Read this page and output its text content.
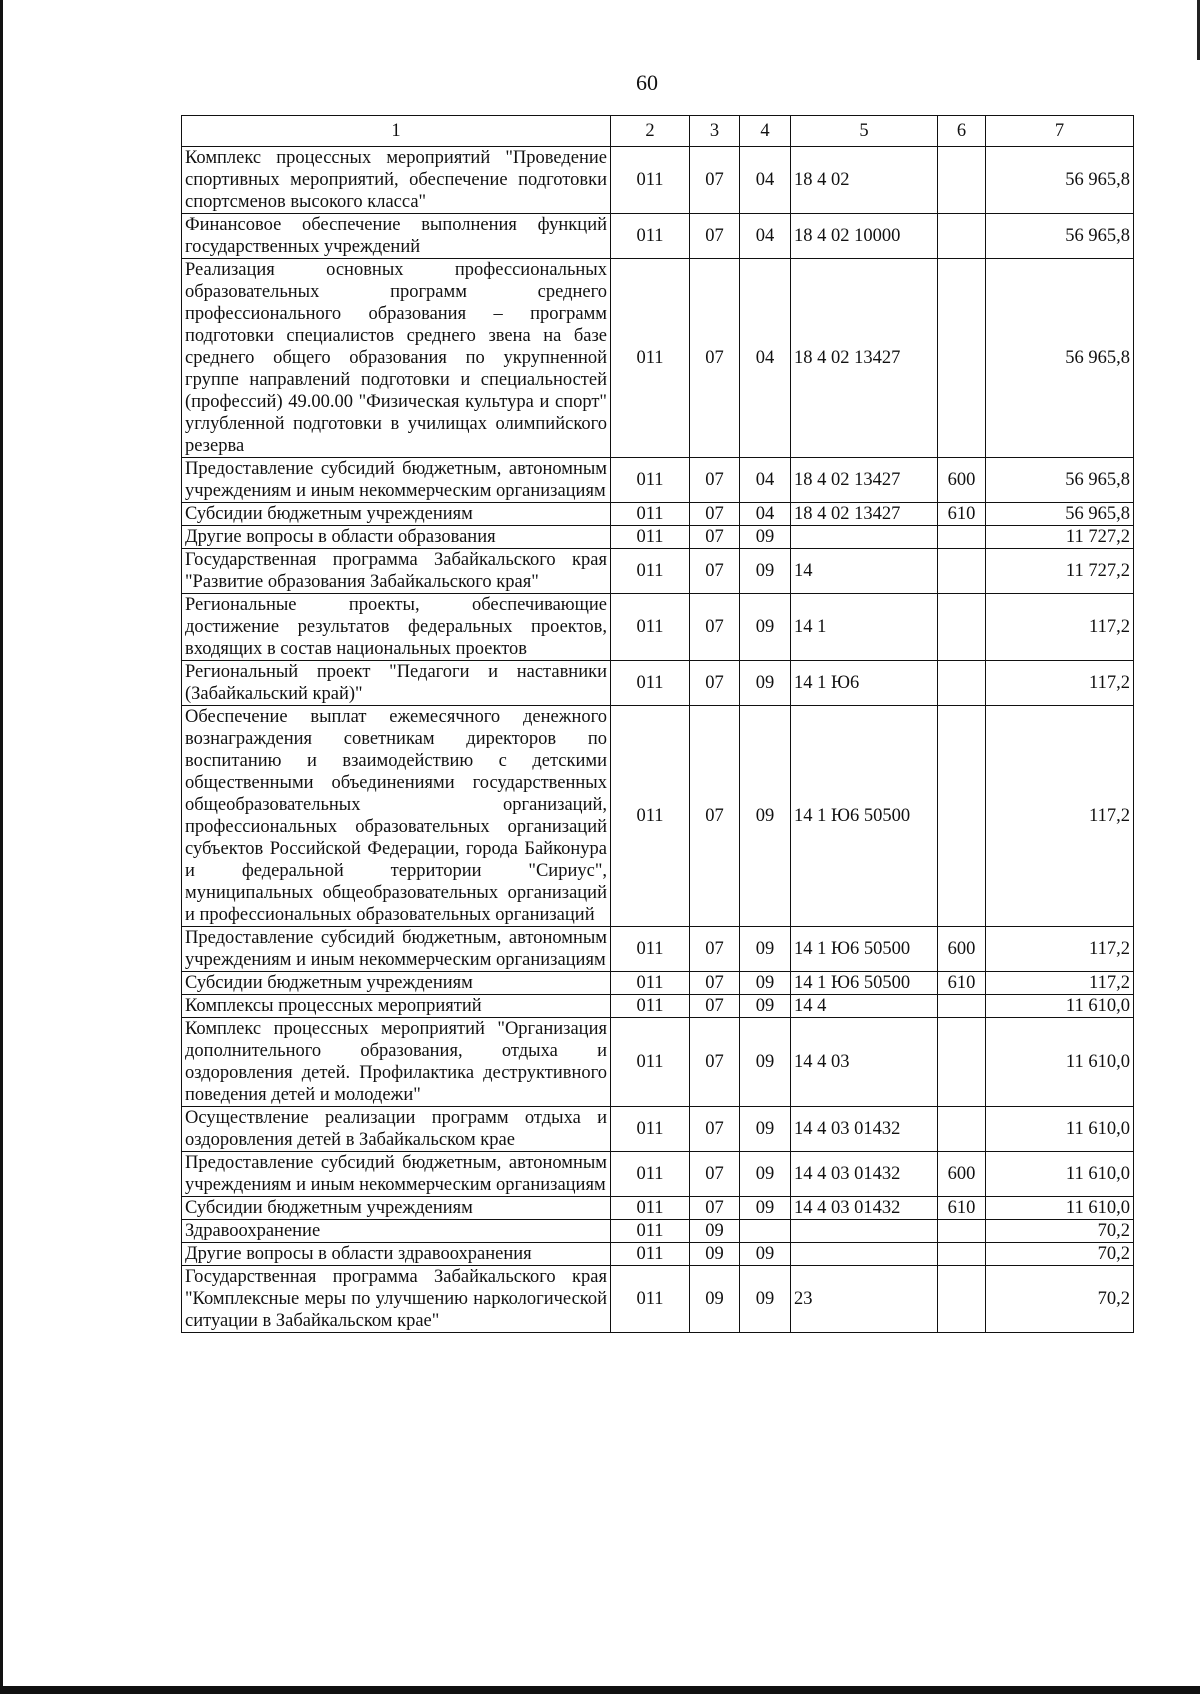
60
1	2	3	4	5	6	7
Комплекс процессных мероприятий "Проведение спортивных мероприятий, обеспечение подготовки спортсменов высокого класса"	011	07	04	18 4 02		56 965,8
Финансовое обеспечение выполнения функций государственных учреждений	011	07	04	18 4 02 10000		56 965,8
Реализация основных профессиональных образовательных программ среднего профессионального образования – программ подготовки специалистов среднего звена на базе среднего общего образования по укрупненной группе направлений подготовки и специальностей (профессий) 49.00.00 "Физическая культура и спорт" углубленной подготовки в училищах олимпийского резерва	011	07	04	18 4 02 13427		56 965,8
Предоставление субсидий бюджетным, автономным учреждениям и иным некоммерческим организациям	011	07	04	18 4 02 13427	600	56 965,8
Субсидии бюджетным учреждениям	011	07	04	18 4 02 13427	610	56 965,8
Другие вопросы в области образования	011	07	09			11 727,2
Государственная программа Забайкальского края "Развитие образования Забайкальского края"	011	07	09	14		11 727,2
Региональные проекты, обеспечивающие достижение результатов федеральных проектов, входящих в состав национальных проектов	011	07	09	14 1		117,2
Региональный проект "Педагоги и наставники (Забайкальский край)"	011	07	09	14 1 Ю6		117,2
Обеспечение выплат ежемесячного денежного вознаграждения советникам директоров по воспитанию и взаимодействию с детскими общественными объединениями государственных общеобразовательных организаций, профессиональных образовательных организаций субъектов Российской Федерации, города Байконура и федеральной территории "Сириус", муниципальных общеобразовательных организаций и профессиональных образовательных организаций	011	07	09	14 1 Ю6 50500		117,2
Предоставление субсидий бюджетным, автономным учреждениям и иным некоммерческим организациям	011	07	09	14 1 Ю6 50500	600	117,2
Субсидии бюджетным учреждениям	011	07	09	14 1 Ю6 50500	610	117,2
Комплексы процессных мероприятий	011	07	09	14 4		11 610,0
Комплекс процессных мероприятий "Организация дополнительного образования, отдыха и оздоровления детей. Профилактика деструктивного поведения детей и молодежи"	011	07	09	14 4 03		11 610,0
Осуществление реализации программ отдыха и оздоровления детей в Забайкальском крае	011	07	09	14 4 03 01432		11 610,0
Предоставление субсидий бюджетным, автономным учреждениям и иным некоммерческим организациям	011	07	09	14 4 03 01432	600	11 610,0
Субсидии бюджетным учреждениям	011	07	09	14 4 03 01432	610	11 610,0
Здравоохранение	011	09				70,2
Другие вопросы в области здравоохранения	011	09	09			70,2
Государственная программа Забайкальского края "Комплексные меры по улучшению наркологической ситуации в Забайкальском крае"	011	09	09	23		70,2
